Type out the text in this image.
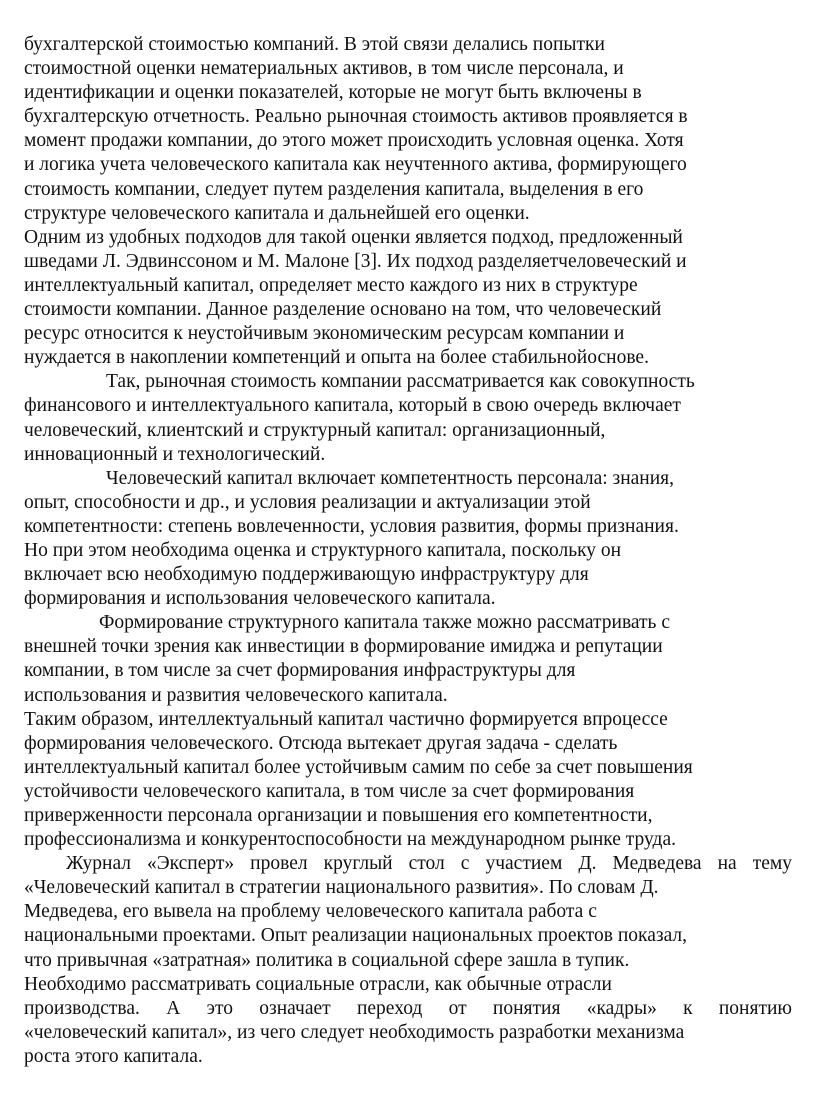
бухгалтерской стоимостью компаний. В этой связи делались попытки
стоимостной оценки нематериальных активов, в том числе персонала, и
идентификации и оценки показателей, которые не могут быть включены в
бухгалтерскую отчетность. Реально рыночная стоимость активов проявляется в
момент продажи компании, до этого может происходить условная оценка. Хотя
и логика учета человеческого капитала как неучтенного актива, формирующего
стоимость компании, следует путем разделения капитала, выделения в его
структуре человеческого капитала и дальнейшей его оценки.
Одним из удобных подходов для такой оценки является подход, предложенный
шведами Л. Эдвинссоном и М. Малоне [3]. Их подход разделяетчеловеческий и
интеллектуальный капитал, определяет место каждого из них в структуре
стоимости компании. Данное разделение основано на том, что человеческий
ресурс относится к неустойчивым экономическим ресурсам компании и
нуждается в накоплении компетенций и опыта на более стабильнойоснове.
Так, рыночная стоимость компании рассматривается как совокупность
финансового и интеллектуального капитала, который в свою очередь включает
человеческий, клиентский и структурный капитал: организационный,
инновационный и технологический.
Человеческий капитал включает компетентность персонала: знания,
опыт, способности и др., и условия реализации и актуализации этой
компетентности: степень вовлеченности, условия развития, формы признания.
Но при этом необходима оценка и структурного капитала, поскольку он
включает всю необходимую поддерживающую инфраструктуру для
формирования и использования человеческого капитала.
Формирование структурного капитала также можно рассматривать с
внешней точки зрения как инвестиции в формирование имиджа и репутации
компании, в том числе за счет формирования инфраструктуры для
использования и развития человеческого капитала.
Таким образом, интеллектуальный капитал частично формируется впроцессе
формирования человеческого. Отсюда вытекает другая задача - сделать
интеллектуальный капитал более устойчивым самим по себе за счет повышения
устойчивости человеческого капитала, в том числе за счет формирования
приверженности персонала организации и повышения его компетентности,
профессионализма и конкурентоспособности на международном рынке труда.
Журнал «Эксперт» провел круглый стол с участием Д. Медведева на тему
«Человеческий капитал в стратегии национального развития». По словам Д.
Медведева, его вывела на проблему человеческого капитала работа с
национальными проектами. Опыт реализации национальных проектов показал,
что привычная «затратная» политика в социальной сфере зашла в тупик.
Необходимо рассматривать социальные отрасли, как обычные отрасли
производства. А это означает переход от понятия «кадры» к понятию
«человеческий капитал», из чего следует необходимость разработки механизма
роста этого капитала.
